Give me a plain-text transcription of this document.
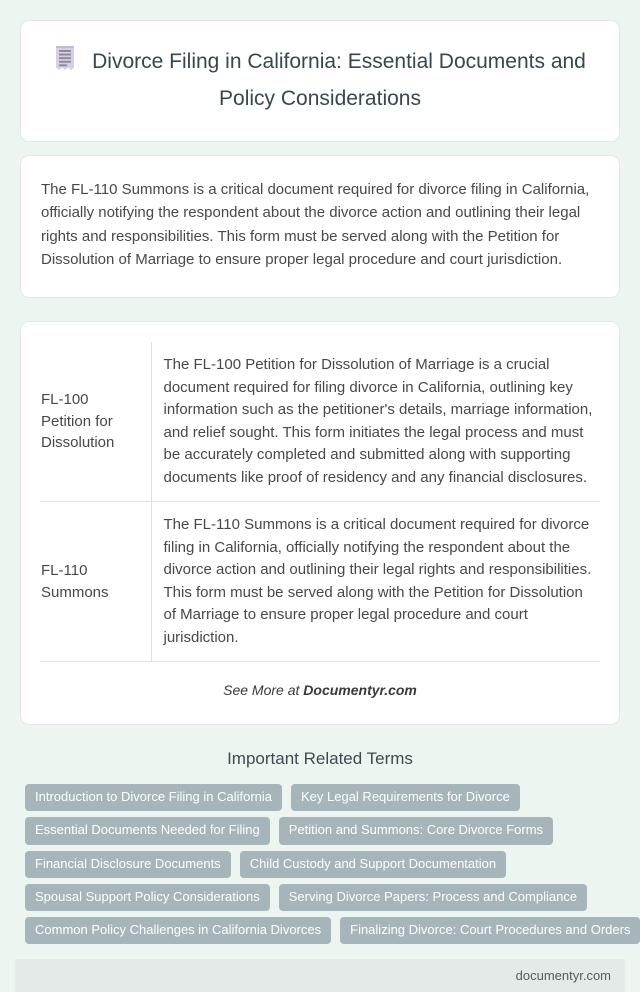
Divorce Filing in California: Essential Documents and Policy Considerations

The FL-110 Summons is a critical document required for divorce filing in California, officially notifying the respondent about the divorce action and outlining their legal rights and responsibilities. This form must be served along with the Petition for Dissolution of Marriage to ensure proper legal procedure and court jurisdiction.

FL-100 Petition for Dissolution	The FL-100 Petition for Dissolution of Marriage is a crucial document required for filing divorce in California, outlining key information such as the petitioner's details, marriage information, and relief sought. This form initiates the legal process and must be accurately completed and submitted along with supporting documents like proof of residency and any financial disclosures.
FL-110 Summons	The FL-110 Summons is a critical document required for divorce filing in California, officially notifying the respondent about the divorce action and outlining their legal rights and responsibilities. This form must be served along with the Petition for Dissolution of Marriage to ensure proper legal procedure and court jurisdiction.
See More at Documentyr.com
Important Related Terms
Introduction to Divorce Filing in California	Key Legal Requirements for Divorce
Essential Documents Needed for Filing	Petition and Summons: Core Divorce Forms
Financial Disclosure Documents	Child Custody and Support Documentation
Spousal Support Policy Considerations	Serving Divorce Papers: Process and Compliance
Common Policy Challenges in California Divorces	Finalizing Divorce: Court Procedures and Orders
documentyr.com
